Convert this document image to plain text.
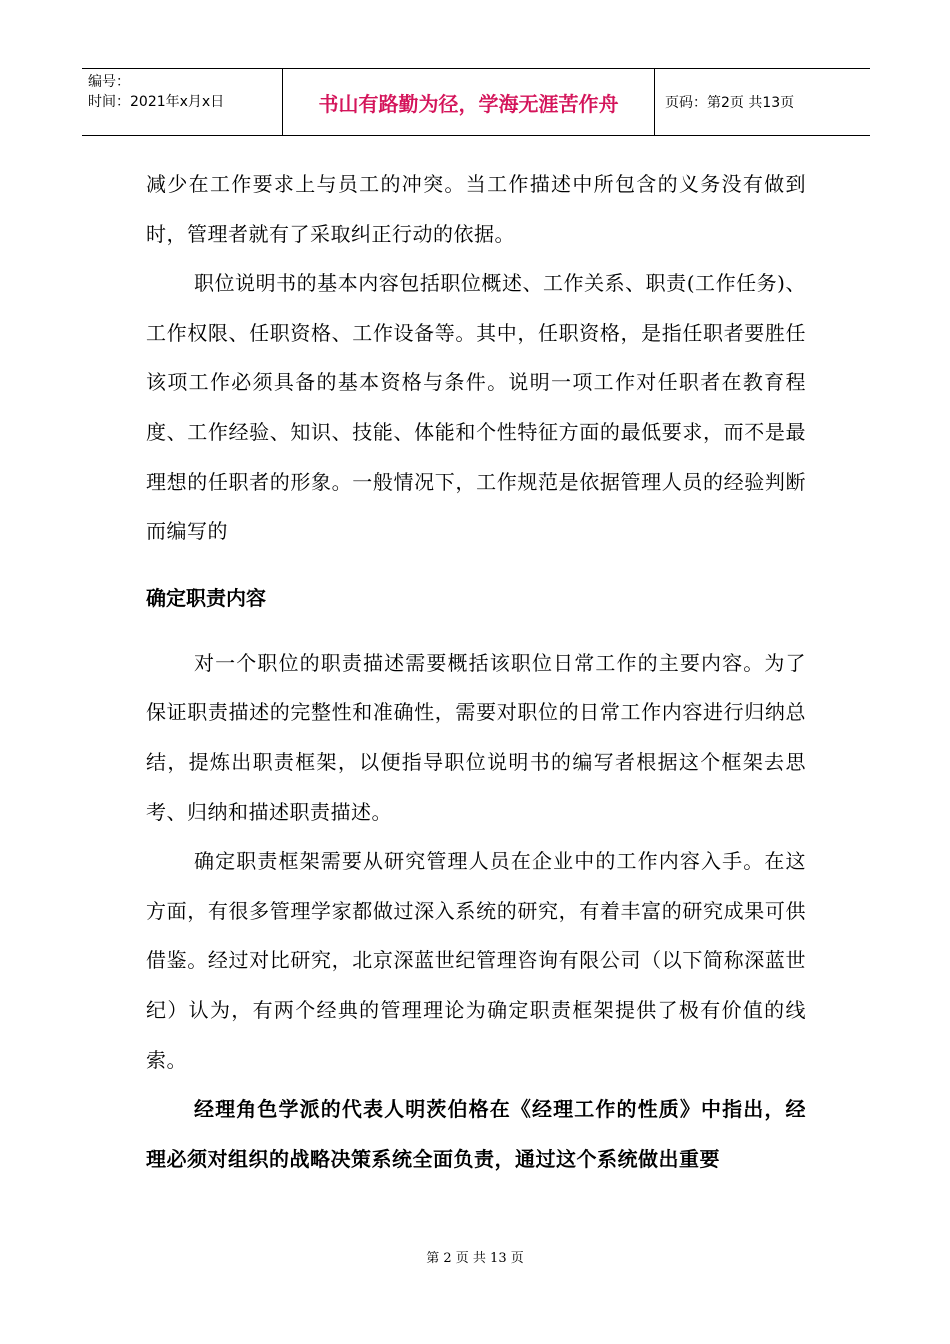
编号：
时间：2021年x月x日	书山有路勤为径，学海无涯苦作舟	页码：第2页 共13页

减少在工作要求上与员工的冲突。当工作描述中所包含的义务没有做到时，管理者就有了采取纠正行动的依据。

职位说明书的基本内容包括职位概述、工作关系、职责(工作任务)、工作权限、任职资格、工作设备等。其中，任职资格，是指任职者要胜任该项工作必须具备的基本资格与条件。说明一项工作对任职者在教育程度、工作经验、知识、技能、体能和个性特征方面的最低要求，而不是最理想的任职者的形象。一般情况下，工作规范是依据管理人员的经验判断而编写的

确定职责内容

对一个职位的职责描述需要概括该职位日常工作的主要内容。为了保证职责描述的完整性和准确性，需要对职位的日常工作内容进行归纳总结，提炼出职责框架，以便指导职位说明书的编写者根据这个框架去思考、归纳和描述职责描述。

确定职责框架需要从研究管理人员在企业中的工作内容入手。在这方面，有很多管理学家都做过深入系统的研究，有着丰富的研究成果可供借鉴。经过对比研究，北京深蓝世纪管理咨询有限公司（以下简称深蓝世纪）认为，有两个经典的管理理论为确定职责框架提供了极有价值的线索。

经理角色学派的代表人明茨伯格在《经理工作的性质》中指出，经理必须对组织的战略决策系统全面负责，通过这个系统做出重要

第 2 页 共 13 页
